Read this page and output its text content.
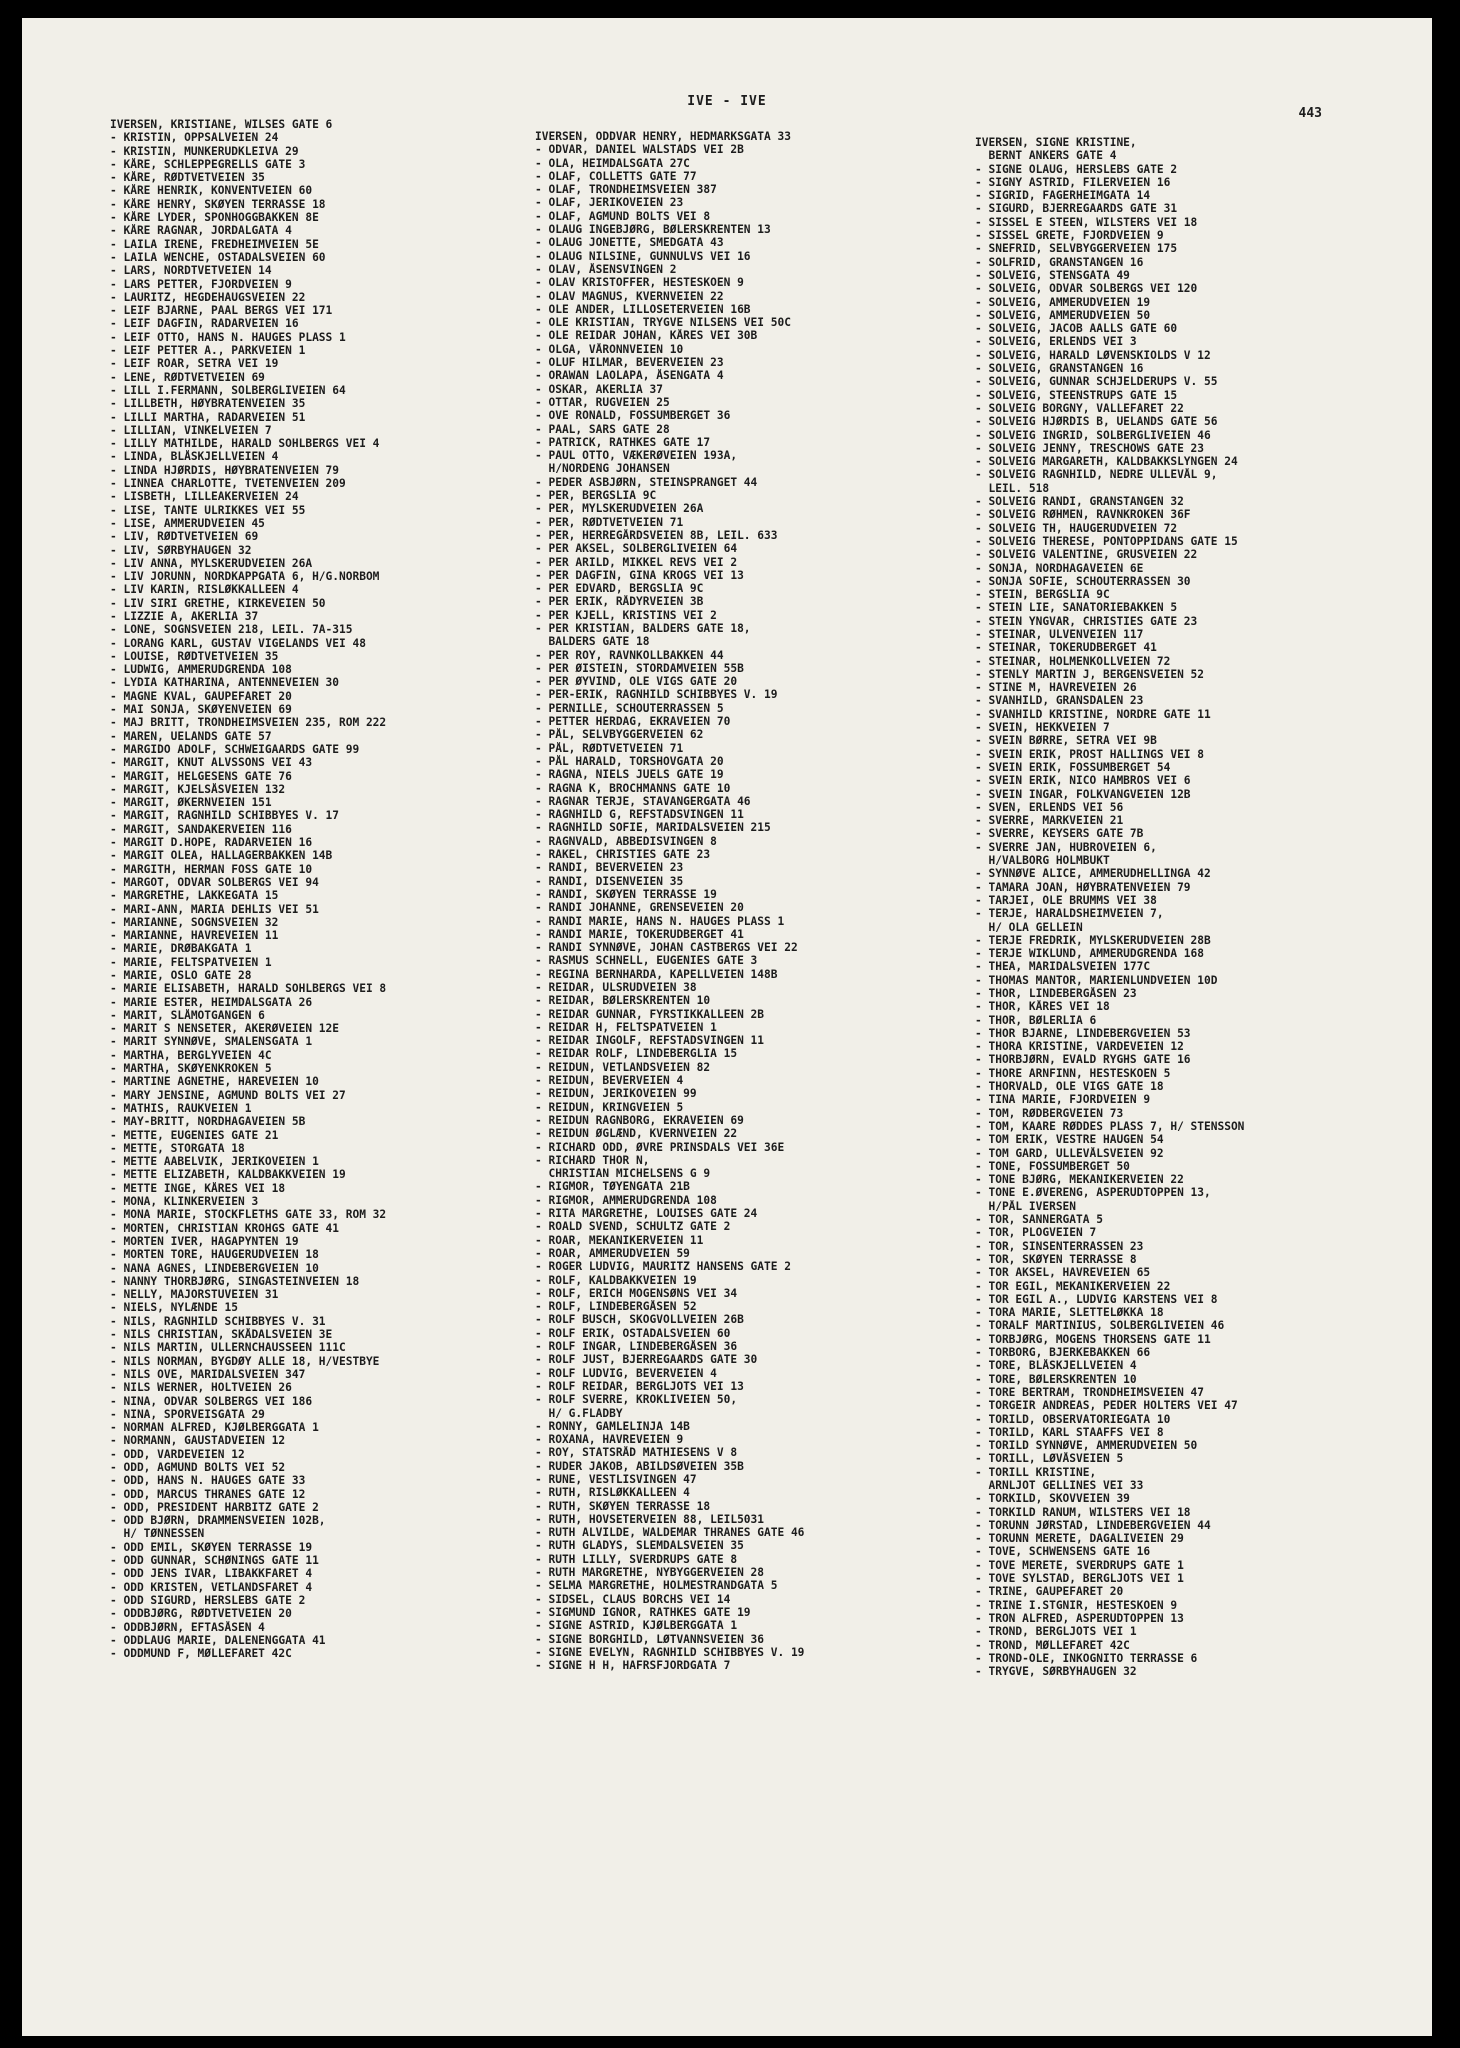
IVE - IVE
443
IVERSEN, KRISTIANE, WILSES GATE 6
- KRISTIN, OPPSALVEIEN 24
- KRISTIN, MUNKERUDKLEIVA 29
- KÅRE, SCHLEPPEGRELLS GATE 3
- KÅRE, RØDTVETVEIEN 35
- KÅRE HENRIK, KONVENTVEIEN 60
- KÅRE HENRY, SKØYEN TERRASSE 18
- KÅRE LYDER, SPONHOGGBAKKEN 8E
- KÅRE RAGNAR, JORDALGATA 4
- LAILA IRENE, FREDHEIMVEIEN 5E
- LAILA WENCHE, OSTADALSVEIEN 60
- LARS, NORDTVETVEIEN 14
- LARS PETTER, FJORDVEIEN 9
- LAURITZ, HEGDEHAUGSVEIEN 22
- LEIF BJARNE, PAAL BERGS VEI 171
- LEIF DAGFIN, RADARVEIEN 16
- LEIF OTTO, HANS N. HAUGES PLASS 1
- LEIF PETTER A., PARKVEIEN 1
- LEIF ROAR, SETRA VEI 19
- LENE, RØDTVETVEIEN 69
- LILL I.FERMANN, SOLBERGLIVEIEN 64
- LILLBETH, HØYBRATENVEIEN 35
- LILLI MARTHA, RADARVEIEN 51
- LILLIAN, VINKELVEIEN 7
- LILLY MATHILDE, HARALD SOHLBERGS VEI 4
- LINDA, BLÅSKJELLVEIEN 4
- LINDA HJØRDIS, HØYBRATENVEIEN 79
- LINNEA CHARLOTTE, TVETENVEIEN 209
- LISBETH, LILLEAKERVEIEN 24
- LISE, TANTE ULRIKKES VEI 55
- LISE, AMMERUDVEIEN 45
- LIV, RØDTVETVEIEN 69
- LIV, SØRBYHAUGEN 32
- LIV ANNA, MYLSKERUDVEIEN 26A
- LIV JORUNN, NORDKAPPGATA 6, H/G.NORBOM
- LIV KARIN, RISLØKKALLEEN 4
- LIV SIRI GRETHE, KIRKEVEIEN 50
- LIZZIE A, AKERLIA 37
- LONE, SOGNSVEIEN 218, LEIL. 7A-315
- LORANG KARL, GUSTAV VIGELANDS VEI 48
- LOUISE, RØDTVETVEIEN 35
- LUDWIG, AMMERUDGRENDA 108
- LYDIA KATHARINA, ANTENNEVEIEN 30
- MAGNE KVAL, GAUPEFARET 20
- MAI SONJA, SKØYENVEIEN 69
- MAJ BRITT, TRONDHEIMSVEIEN 235, ROM 222
- MAREN, UELANDS GATE 57
- MARGIDO ADOLF, SCHWEIGAARDS GATE 99
- MARGIT, KNUT ALVSSONS VEI 43
- MARGIT, HELGESENS GATE 76
- MARGIT, KJELSÅSVEIEN 132
- MARGIT, ØKERNVEIEN 151
- MARGIT, RAGNHILD SCHIBBYES V. 17
- MARGIT, SANDAKERVEIEN 116
- MARGIT D.HOPE, RADARVEIEN 16
- MARGIT OLEA, HALLAGERBAKKEN 14B
- MARGITH, HERMAN FOSS GATE 10
- MARGOT, ODVAR SOLBERGS VEI 94
- MARGRETHE, LAKKEGATA 15
- MARI-ANN, MARIA DEHLIS VEI 51
- MARIANNE, SOGNSVEIEN 32
- MARIANNE, HAVREVEIEN 11
- MARIE, DRØBAKGATA 1
- MARIE, FELTSPATVEIEN 1
- MARIE, OSLO GATE 28
- MARIE ELISABETH, HARALD SOHLBERGS VEI 8
- MARIE ESTER, HEIMDALSGATA 26
- MARIT, SLÅMOTGANGEN 6
- MARIT S NENSETER, AKERØVEIEN 12E
- MARIT SYNNØVE, SMALENSGATA 1
- MARTHA, BERGLYVEIEN 4C
- MARTHA, SKØYENKROKEN 5
- MARTINE AGNETHE, HAREVEIEN 10
- MARY JENSINE, AGMUND BOLTS VEI 27
- MATHIS, RAUKVEIEN 1
- MAY-BRITT, NORDHAGAVEIEN 5B
- METTE, EUGENIES GATE 21
- METTE, STORGATA 18
- METTE AABELVIK, JERIKOVEIEN 1
- METTE ELIZABETH, KALDBAKKVEIEN 19
- METTE INGE, KÅRES VEI 18
- MONA, KLINKERVEIEN 3
- MONA MARIE, STOCKFLETHS GATE 33, ROM 32
- MORTEN, CHRISTIAN KROHGS GATE 41
- MORTEN IVER, HAGAPYNTEN 19
- MORTEN TORE, HAUGERUDVEIEN 18
- NANA AGNES, LINDEBERGVEIEN 10
- NANNY THORBJØRG, SINGASTEINVEIEN 18
- NELLY, MAJORSTUVEIEN 31
- NIELS, NYLÆNDE 15
- NILS, RAGNHILD SCHIBBYES V. 31
- NILS CHRISTIAN, SKÅDALSVEIEN 3E
- NILS MARTIN, ULLERNCHAUSSEEN 111C
- NILS NORMAN, BYGDØY ALLE 18, H/VESTBYE
- NILS OVE, MARIDALSVEIEN 347
- NILS WERNER, HOLTVEIEN 26
- NINA, ODVAR SOLBERGS VEI 186
- NINA, SPORVEISGATA 29
- NORMAN ALFRED, KJØLBERGGATA 1
- NORMANN, GAUSTADVEIEN 12
- ODD, VARDEVEIEN 12
- ODD, AGMUND BOLTS VEI 52
- ODD, HANS N. HAUGES GATE 33
- ODD, MARCUS THRANES GATE 12
- ODD, PRESIDENT HARBITZ GATE 2
- ODD BJØRN, DRAMMENSVEIEN 102B,
H/ TØNNESSEN
- ODD EMIL, SKØYEN TERRASSE 19
- ODD GUNNAR, SCHØNINGS GATE 11
- ODD JENS IVAR, LIBAKKFARET 4
- ODD KRISTEN, VETLANDSFARET 4
- ODD SIGURD, HERSLEBS GATE 2
- ODDBJØRG, RØDTVETVEIEN 20
- ODDBJØRN, EFTASÅSEN 4
- ODDLAUG MARIE, DALENENGGATA 41
- ODDMUND F, MØLLEFARET 42C
IVERSEN, ODDVAR HENRY, HEDMARKSGATA 33
- ODVAR, DANIEL WALSTADS VEI 2B
- OLA, HEIMDALSGATA 27C
- OLAF, COLLETTS GATE 77
- OLAF, TRONDHEIMSVEIEN 387
- OLAF, JERIKOVEIEN 23
- OLAF, AGMUND BOLTS VEI 8
- OLAUG INGEBJØRG, BØLERSKRENTEN 13
- OLAUG JONETTE, SMEDGATA 43
- OLAUG NILSINE, GUNNULVS VEI 16
- OLAV, ÅSENSVINGEN 2
- OLAV KRISTOFFER, HESTESKOEN 9
- OLAV MAGNUS, KVERNVEIEN 22
- OLE ANDER, LILLOSETERVEIEN 16B
- OLE KRISTIAN, TRYGVE NILSENS VEI 50C
- OLE REIDAR JOHAN, KÅRES VEI 30B
- OLGA, VÅRONNVEIEN 10
- OLUF HILMAR, BEVERVEIEN 23
- ORAWAN LAOLAPA, ÅSENGATA 4
- OSKAR, AKERLIA 37
- OTTAR, RUGVEIEN 25
- OVE RONALD, FOSSUMBERGET 36
- PAAL, SARS GATE 28
- PATRICK, RATHKES GATE 17
- PAUL OTTO, VÆKERØVEIEN 193A,
H/NORDENG JOHANSEN
- PEDER ASBJØRN, STEINSPRANGET 44
- PER, BERGSLIA 9C
- PER, MYLSKERUDVEIEN 26A
- PER, RØDTVETVEIEN 71
- PER, HERREGÅRDSVEIEN 8B, LEIL. 633
- PER AKSEL, SOLBERGLIVEIEN 64
- PER ARILD, MIKKEL REVS VEI 2
- PER DAGFIN, GINA KROGS VEI 13
- PER EDVARD, BERGSLIA 9C
- PER ERIK, RÅDYRVEIEN 3B
- PER KJELL, KRISTINS VEI 2
- PER KRISTIAN, BALDERS GATE 18,
BALDERS GATE 18
- PER ROY, RAVNKOLLBAKKEN 44
- PER ØISTEIN, STORDAMVEIEN 55B
- PER ØYVIND, OLE VIGS GATE 20
- PER-ERIK, RAGNHILD SCHIBBYES V. 19
- PERNILLE, SCHOUTERRASSEN 5
- PETTER HERDAG, EKRAVEIEN 70
- PÅL, SELVBYGGERVEIEN 62
- PÅL, RØDTVETVEIEN 71
- PÅL HARALD, TORSHOVGATA 20
- RAGNA, NIELS JUELS GATE 19
- RAGNA K, BROCHMANNS GATE 10
- RAGNAR TERJE, STAVANGERGATA 46
- RAGNHILD G, REFSTADSVINGEN 11
- RAGNHILD SOFIE, MARIDALSVEIEN 215
- RAGNVALD, ABBEDISVINGEN 8
- RAKEL, CHRISTIES GATE 23
- RANDI, BEVERVEIEN 23
- RANDI, DISENVEIEN 35
- RANDI, SKØYEN TERRASSE 19
- RANDI JOHANNE, GRENSEVEIEN 20
- RANDI MARIE, HANS N. HAUGES PLASS 1
- RANDI MARIE, TOKERUDBERGET 41
- RANDI SYNNØVE, JOHAN CASTBERGS VEI 22
- RASMUS SCHNELL, EUGENIES GATE 3
- REGINA BERNHARDA, KAPELLVEIEN 148B
- REIDAR, ULSRUDVEIEN 38
- REIDAR, BØLERSKRENTEN 10
- REIDAR GUNNAR, FYRSTIKKALLEEN 2B
- REIDAR H, FELTSPATVEIEN 1
- REIDAR INGOLF, REFSTADSVINGEN 11
- REIDAR ROLF, LINDEBERGLIA 15
- REIDUN, VETLANDSVEIEN 82
- REIDUN, BEVERVEIEN 4
- REIDUN, JERIKOVEIEN 99
- REIDUN, KRINGVEIEN 5
- REIDUN RAGNBORG, EKRAVEIEN 69
- REIDUN ØGLÆND, KVERNVEIEN 22
- RICHARD ODD, ØVRE PRINSDALS VEI 36E
- RICHARD THOR N,
CHRISTIAN MICHELSENS G 9
- RIGMOR, TØYENGATA 21B
- RIGMOR, AMMERUDGRENDA 108
- RITA MARGRETHE, LOUISES GATE 24
- ROALD SVEND, SCHULTZ GATE 2
- ROAR, MEKANIKERVEIEN 11
- ROAR, AMMERUDVEIEN 59
- ROGER LUDVIG, MAURITZ HANSENS GATE 2
- ROLF, KALDBAKKVEIEN 19
- ROLF, ERICH MOGENSØNS VEI 34
- ROLF, LINDEBERGÅSEN 52
- ROLF BUSCH, SKOGVOLLVEIEN 26B
- ROLF ERIK, OSTADALSVEIEN 60
- ROLF INGAR, LINDEBERGÅSEN 36
- ROLF JUST, BJERREGAARDS GATE 30
- ROLF LUDVIG, BEVERVEIEN 4
- ROLF REIDAR, BERGLJOTS VEI 13
- ROLF SVERRE, KROKLIVEIEN 50,
H/ G.FLADBY
- RONNY, GAMLELINJA 14B
- ROXANA, HAVREVEIEN 9
- ROY, STATSRÅD MATHIESENS V 8
- RUDER JAKOB, ABILDSØVEIEN 35B
- RUNE, VESTLISVINGEN 47
- RUTH, RISLØKKALLEEN 4
- RUTH, SKØYEN TERRASSE 18
- RUTH, HOVSETERVEIEN 88, LEIL5031
- RUTH ALVILDE, WALDEMAR THRANES GATE 46
- RUTH GLADYS, SLEMDALSVEIEN 35
- RUTH LILLY, SVERDRUPS GATE 8
- RUTH MARGRETHE, NYBYGGERVEIEN 28
- SELMA MARGRETHE, HOLMESTRANDGATA 5
- SIDSEL, CLAUS BORCHS VEI 14
- SIGMUND IGNOR, RATHKES GATE 19
- SIGNE ASTRID, KJØLBERGGATA 1
- SIGNE BORGHILD, LØTVANNSVEIEN 36
- SIGNE EVELYN, RAGNHILD SCHIBBYES V. 19
- SIGNE H H, HAFRSFJORDGATA 7
IVERSEN, SIGNE KRISTINE,
BERNT ANKERS GATE 4
- SIGNE OLAUG, HERSLEBS GATE 2
- SIGNY ASTRID, FILERVEIEN 16
- SIGRID, FAGERHEIMGATA 14
- SIGURD, BJERREGAARDS GATE 31
- SISSEL E STEEN, WILSTERS VEI 18
- SISSEL GRETE, FJORDVEIEN 9
- SNEFRID, SELVBYGGERVEIEN 175
- SOLFRID, GRANSTANGEN 16
- SOLVEIG, STENSGATA 49
- SOLVEIG, ODVAR SOLBERGS VEI 120
- SOLVEIG, AMMERUDVEIEN 19
- SOLVEIG, AMMERUDVEIEN 50
- SOLVEIG, JACOB AALLS GATE 60
- SOLVEIG, ERLENDS VEI 3
- SOLVEIG, HARALD LØVENSKIOLDS V 12
- SOLVEIG, GRANSTANGEN 16
- SOLVEIG, GUNNAR SCHJELDERUPS V. 55
- SOLVEIG, STEENSTRUPS GATE 15
- SOLVEIG BORGNY, VALLEFARET 22
- SOLVEIG HJØRDIS B, UELANDS GATE 56
- SOLVEIG INGRID, SOLBERGLIVEIEN 46
- SOLVEIG JENNY, TRESCHOWS GATE 23
- SOLVEIG MARGARETH, KALDBAKKSLYNGEN 24
- SOLVEIG RAGNHILD, NEDRE ULLEVÅL 9,
LEIL. 518
- SOLVEIG RANDI, GRANSTANGEN 32
- SOLVEIG RØHMEN, RAVNKROKEN 36F
- SOLVEIG TH, HAUGERUDVEIEN 72
- SOLVEIG THERESE, PONTOPPIDANS GATE 15
- SOLVEIG VALENTINE, GRUSVEIEN 22
- SONJA, NORDHAGAVEIEN 6E
- SONJA SOFIE, SCHOUTERRASSEN 30
- STEIN, BERGSLIA 9C
- STEIN LIE, SANATORIEBAKKEN 5
- STEIN YNGVAR, CHRISTIES GATE 23
- STEINAR, ULVENVEIEN 117
- STEINAR, TOKERUDBERGET 41
- STEINAR, HOLMENKOLLVEIEN 72
- STENLY MARTIN J, BERGENSVEIEN 52
- STINE M, HAVREVEIEN 26
- SVANHILD, GRANSDALEN 23
- SVANHILD KRISTINE, NORDRE GATE 11
- SVEIN, HEKKVEIEN 7
- SVEIN BØRRE, SETRA VEI 9B
- SVEIN ERIK, PROST HALLINGS VEI 8
- SVEIN ERIK, FOSSUMBERGET 54
- SVEIN ERIK, NICO HAMBROS VEI 6
- SVEIN INGAR, FOLKVANGVEIEN 12B
- SVEN, ERLENDS VEI 56
- SVERRE, MARKVEIEN 21
- SVERRE, KEYSERS GATE 7B
- SVERRE JAN, HUBROVEIEN 6,
H/VALBORG HOLMBUKT
- SYNNØVE ALICE, AMMERUDHELLINGA 42
- TAMARA JOAN, HØYBRATENVEIEN 79
- TARJEI, OLE BRUMMS VEI 38
- TERJE, HARALDSHEIMVEIEN 7,
H/ OLA GELLEIN
- TERJE FREDRIK, MYLSKERUDVEIEN 28B
- TERJE WIKLUND, AMMERUDGRENDA 168
- THEA, MARIDALSVEIEN 177C
- THOMAS MANTOR, MARIENLUNDVEIEN 10D
- THOR, LINDEBERGÅSEN 23
- THOR, KÅRES VEI 18
- THOR, BØLERLIA 6
- THOR BJARNE, LINDEBERGVEIEN 53
- THORA KRISTINE, VARDEVEIEN 12
- THORBJØRN, EVALD RYGHS GATE 16
- THORE ARNFINN, HESTESKOEN 5
- THORVALD, OLE VIGS GATE 18
- TINA MARIE, FJORDVEIEN 9
- TOM, RØDBERGVEIEN 73
- TOM, KAARE RØDDES PLASS 7, H/ STENSSON
- TOM ERIK, VESTRE HAUGEN 54
- TOM GARD, ULLEVÅLSVEIEN 92
- TONE, FOSSUMBERGET 50
- TONE BJØRG, MEKANIKERVEIEN 22
- TONE E.ØVERENG, ASPERUDTOPPEN 13,
H/PÅL IVERSEN
- TOR, SANNERGATA 5
- TOR, PLOGVEIEN 7
- TOR, SINSENTERRASSEN 23
- TOR, SKØYEN TERRASSE 8
- TOR AKSEL, HAVREVEIEN 65
- TOR EGIL, MEKANIKERVEIEN 22
- TOR EGIL A., LUDVIG KARSTENS VEI 8
- TORA MARIE, SLETTELØKKA 18
- TORALF MARTINIUS, SOLBERGLIVEIEN 46
- TORBJØRG, MOGENS THORSENS GATE 11
- TORBORG, BJERKEBAKKEN 66
- TORE, BLÅSKJELLVEIEN 4
- TORE, BØLERSKRENTEN 10
- TORE BERTRAM, TRONDHEIMSVEIEN 47
- TORGEIR ANDREAS, PEDER HOLTERS VEI 47
- TORILD, OBSERVATORIEGATA 10
- TORILD, KARL STAAFFS VEI 8
- TORILD SYNNØVE, AMMERUDVEIEN 50
- TORILL, LØVÅSVEIEN 5
- TORILL KRISTINE,
ARNLJOT GELLINES VEI 33
- TORKILD, SKOVVEIEN 39
- TORKILD RANUM, WILSTERS VEI 18
- TORUNN JØRSTAD, LINDEBERGVEIEN 44
- TORUNN MERETE, DAGALIVEIEN 29
- TOVE, SCHWENSENS GATE 16
- TOVE MERETE, SVERDRUPS GATE 1
- TOVE SYLSTAD, BERGLJOTS VEI 1
- TRINE, GAUPEFARET 20
- TRINE I.STGNIR, HESTESKOEN 9
- TRON ALFRED, ASPERUDTOPPEN 13
- TROND, BERGLJOTS VEI 1
- TROND, MØLLEFARET 42C
- TROND-OLE, INKOGNITO TERRASSE 6
- TRYGVE, SØRBYHAUGEN 32
